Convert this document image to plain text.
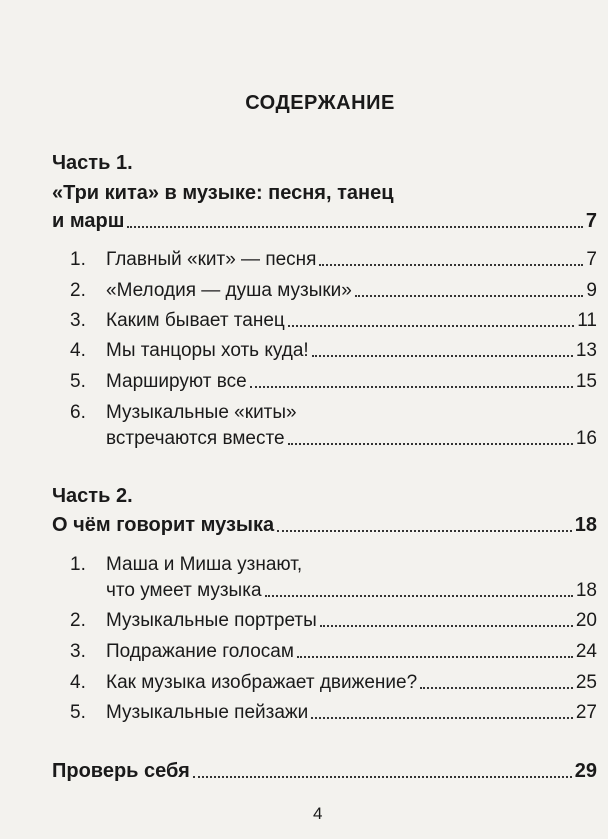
СОДЕРЖАНИЕ
Часть 1.
«Три кита» в музыке: песня, танец
и марш	7
1.	Главный «кит» — песня	7
2.	«Мелодия — душа музыки»	9
3.	Каким бывает танец	11
4.	Мы танцоры хоть куда!	13
5.	Маршируют все	15
6. Музыкальные «киты»
встречаются вместе	16
Часть 2.
О чём говорит музыка	18
1. Маша и Миша узнают,
что умеет музыка	18
2.	Музыкальные портреты	20
3.	Подражание голосам	24
4.	Как музыка изображает движение?	25
5.	Музыкальные пейзажи	27
Проверь себя	29
4
